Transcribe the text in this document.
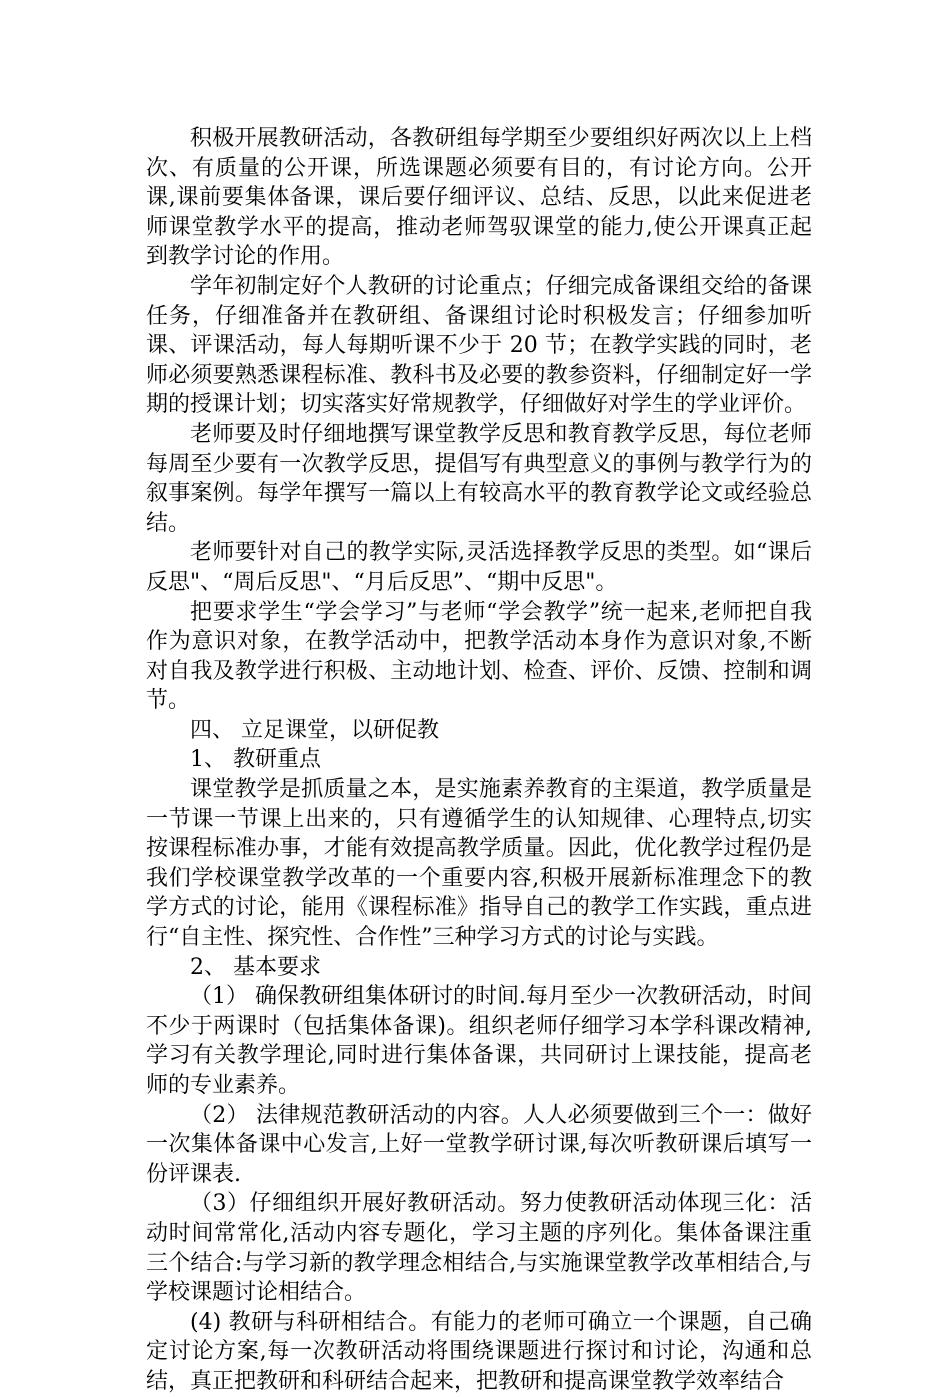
积极开展教研活动，各教研组每学期至少要组织好两次以上上档次、有质量的公开课，所选课题必须要有目的，有讨论方向。公开课,课前要集体备课，课后要仔细评议、总结、反思，以此来促进老师课堂教学水平的提高，推动老师驾驭课堂的能力,使公开课真正起到教学讨论的作用。

学年初制定好个人教研的讨论重点；仔细完成备课组交给的备课任务，仔细准备并在教研组、备课组讨论时积极发言；仔细参加听课、评课活动，每人每期听课不少于 20 节；在教学实践的同时，老师必须要熟悉课程标准、教科书及必要的教参资料，仔细制定好一学期的授课计划；切实落实好常规教学，仔细做好对学生的学业评价。

老师要及时仔细地撰写课堂教学反思和教育教学反思，每位老师每周至少要有一次教学反思，提倡写有典型意义的事例与教学行为的叙事案例。每学年撰写一篇以上有较高水平的教育教学论文或经验总结。

老师要针对自己的教学实际,灵活选择教学反思的类型。如“课后反思"、“周后反思"、“月后反思”、“期中反思"。

把要求学生“学会学习”与老师“学会教学”统一起来,老师把自我作为意识对象，在教学活动中，把教学活动本身作为意识对象,不断对自我及教学进行积极、主动地计划、检查、评价、反馈、控制和调节。

四、 立足课堂，以研促教

1、 教研重点

课堂教学是抓质量之本，是实施素养教育的主渠道，教学质量是一节课一节课上出来的，只有遵循学生的认知规律、心理特点,切实按课程标准办事，才能有效提高教学质量。因此，优化教学过程仍是我们学校课堂教学改革的一个重要内容,积极开展新标准理念下的教学方式的讨论，能用《课程标准》指导自己的教学工作实践，重点进行“自主性、探究性、合作性”三种学习方式的讨论与实践。

2、 基本要求

（1） 确保教研组集体研讨的时间.每月至少一次教研活动，时间不少于两课时（包括集体备课)。组织老师仔细学习本学科课改精神,学习有关教学理论,同时进行集体备课，共同研讨上课技能，提高老师的专业素养。

（2） 法律规范教研活动的内容。人人必须要做到三个一：做好一次集体备课中心发言,上好一堂教学研讨课,每次听教研课后填写一份评课表.

（3）仔细组织开展好教研活动。努力使教研活动体现三化：活动时间常常化,活动内容专题化，学习主题的序列化。集体备课注重三个结合:与学习新的教学理念相结合,与实施课堂教学改革相结合,与学校课题讨论相结合。

(4) 教研与科研相结合。有能力的老师可确立一个课题，自己确定讨论方案,每一次教研活动将围绕课题进行探讨和讨论，沟通和总结，真正把教研和科研结合起来，把教研和提高课堂教学效率结合
